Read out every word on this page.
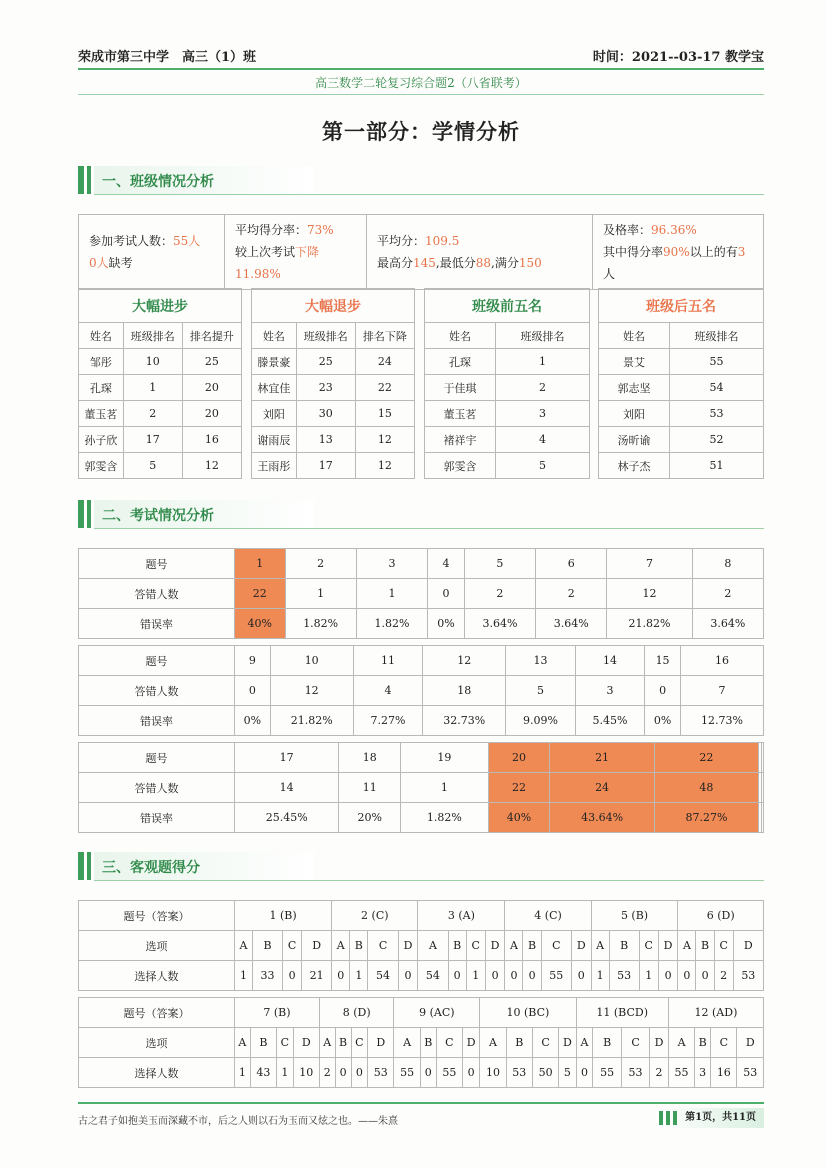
荣成市第三中学　高三（1）班	时间：2021--03-17 教学宝
高三数学二轮复习综合题2（八省联考）
第一部分：学情分析
一、班级情况分析
参加考试人数：55人
0人缺考

平均得分率：73%
较上次考试下降11.98%

平均分：109.5
最高分145,最低分88,满分150

及格率：96.36%
其中得分率90%以上的有3人
大幅进步		
姓名	班级排名	排名提升
邹彤	10	25
孔琛	1	20
董玉茗	2	20
孙子欣	17	16
郭雯含	5	12
大幅退步		
姓名	班级排名	排名下降
滕景豪	25	24
林宜佳	23	22
刘阳	30	15
谢雨辰	13	12
王雨彤	17	12
班级前五名	
姓名	班级排名
孔琛	1
于佳琪	2
董玉茗	3
褚祥宇	4
郭雯含	5
班级后五名	
姓名	班级排名
景艾	55
郭志坚	54
刘阳	53
汤昕谕	52
林子杰	51
二、考试情况分析
题号	1	2	3	4	5	6	7	8
答错人数	22	1	1	0	2	2	12	2
错误率	40%	1.82%	1.82%	0%	3.64%	3.64%	21.82%	3.64%
题号	9	10	11	12	13	14	15	16
答错人数	0	12	4	18	5	3	0	7
错误率	0%	21.82%	7.27%	32.73%	9.09%	5.45%	0%	12.73%
题号	17	18	19	20	21	22		
答错人数	14	11	1	22	24	48		
错误率	25.45%	20%	1.82%	40%	43.64%	87.27%		
三、客观题得分
题号（答案）	1 (B)				2 (C)				3 (A)				4 (C)				5 (B)				6 (D)			
选项	A	B	C	D	A	B	C	D	A	B	C	D	A	B	C	D	A	B	C	D	A	B	C	D
选择人数	1	33	0	21	0	1	54	0	54	0	1	0	0	0	55	0	1	53	1	0	0	0	2	53
题号（答案）	7 (B)				8 (D)				9 (AC)				10 (BC)				11 (BCD)				12 (AD)			
选项	A	B	C	D	A	B	C	D	A	B	C	D	A	B	C	D	A	B	C	D	A	B	C	D
选择人数	1	43	1	10	2	0	0	53	55	0	55	0	10	53	50	5	0	55	53	2	55	3	16	53
古之君子如抱美玉而深藏不市，后之人则以石为玉而又炫之也。——朱熹	第1页，共11页
